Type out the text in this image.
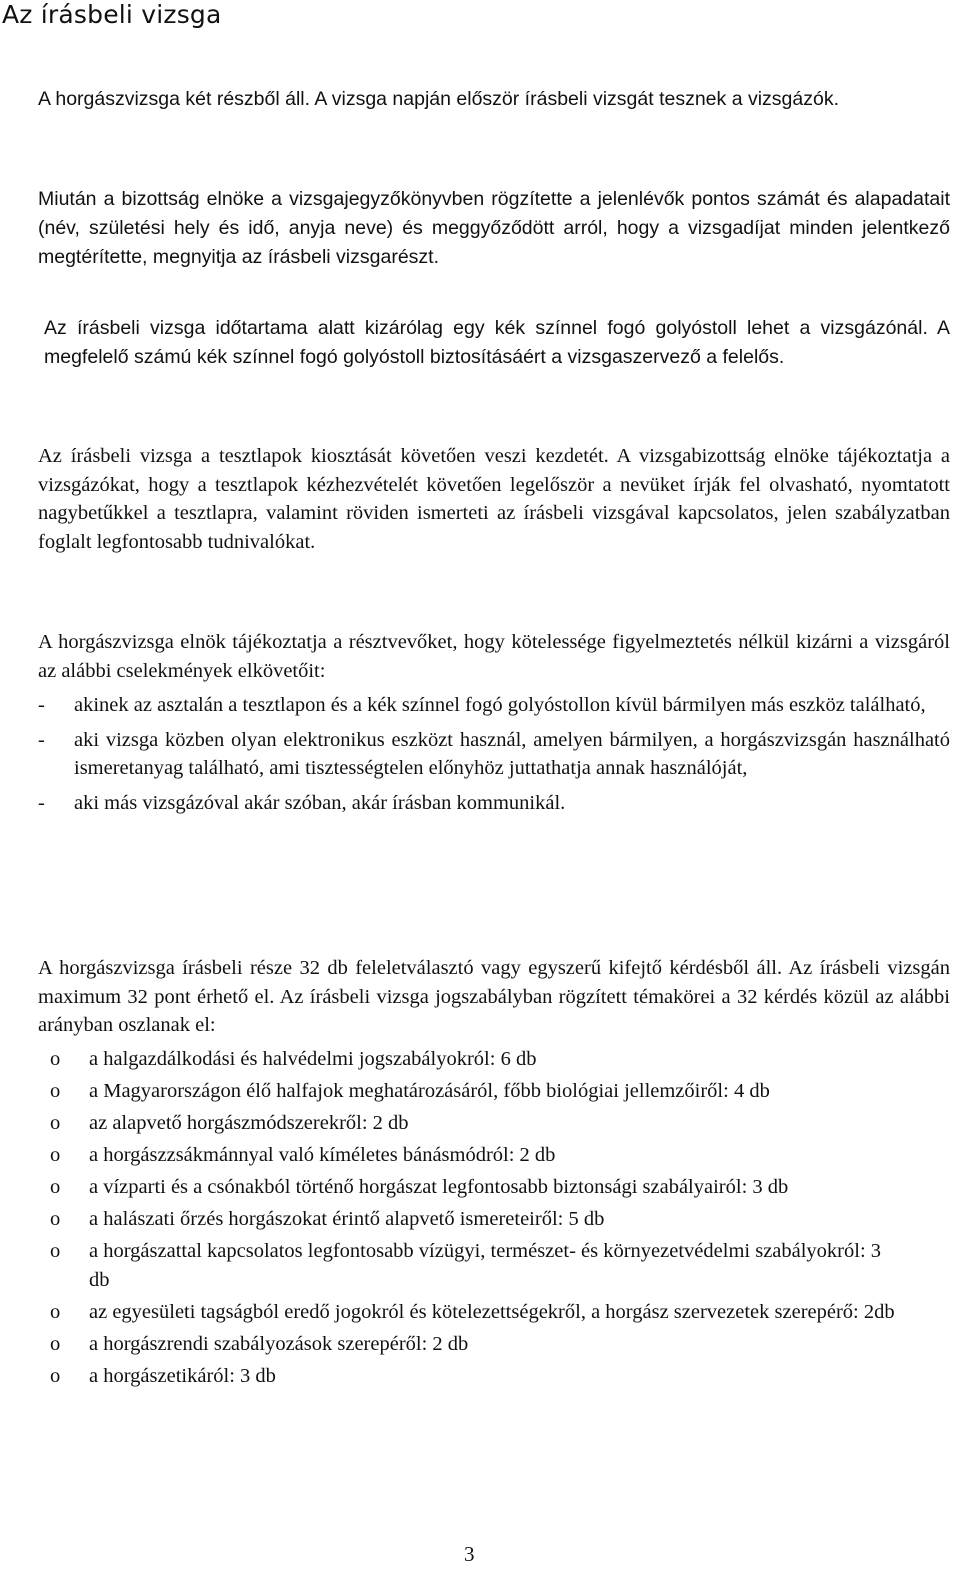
Az írásbeli vizsga

A horgászvizsga két részből áll. A vizsga napján először írásbeli vizsgát tesznek a vizsgázók.

Miután a bizottság elnöke a vizsgajegyzőkönyvben rögzítette a jelenlévők pontos számát és alapadatait (név, születési hely és idő, anyja neve) és meggyőződött arról, hogy a vizsgadíjat minden jelentkező megtérítette, megnyitja az írásbeli vizsgarészt.

Az írásbeli vizsga időtartama alatt kizárólag egy kék színnel fogó golyóstoll lehet a vizsgázónál. A megfelelő számú kék színnel fogó golyóstoll biztosításáért a vizsgaszervező a felelős.

Az írásbeli vizsga a tesztlapok kiosztását követően veszi kezdetét. A vizsgabizottság elnöke tájékoztatja a vizsgázókat, hogy a tesztlapok kézhezvételét követően legelőször a nevüket írják fel olvasható, nyomtatott nagybetűkkel a tesztlapra, valamint röviden ismerteti az írásbeli vizsgával kapcsolatos, jelen szabályzatban foglalt legfontosabb tudnivalókat.

A horgászvizsga elnök tájékoztatja a résztvevőket, hogy kötelessége figyelmeztetés nélkül kizárni a vizsgáról az alábbi cselekmények elkövetőit:

- akinek az asztalán a tesztlapon és a kék színnel fogó golyóstollon kívül bármilyen más eszköz található,
- aki vizsga közben olyan elektronikus eszközt használ, amelyen bármilyen, a horgászvizsgán használható ismeretanyag található, ami tisztességtelen előnyhöz juttathatja annak használóját,
- aki más vizsgázóval akár szóban, akár írásban kommunikál.

A horgászvizsga írásbeli része 32 db feleletválasztó vagy egyszerű kifejtő kérdésből áll. Az írásbeli vizsgán maximum 32 pont érhető el. Az írásbeli vizsga jogszabályban rögzített témakörei a 32 kérdés közül az alábbi arányban oszlanak el:

o a halgazdálkodási és halvédelmi jogszabályokról: 6 db
o a Magyarországon élő halfajok meghatározásáról, főbb biológiai jellemzőiről: 4 db
o az alapvető horgászmódszerekről: 2 db
o a horgászzsákmánnyal való kíméletes bánásmódról: 2 db
o a vízparti és a csónakból történő horgászat legfontosabb biztonsági szabályairól: 3 db
o a halászati őrzés horgászokat érintő alapvető ismereteiről: 5 db
o a horgászattal kapcsolatos legfontosabb vízügyi, természet- és környezetvédelmi szabályokról: 3 db
o az egyesületi tagságból eredő jogokról és kötelezettségekről, a horgász szervezetek szerepérő: 2db
o a horgászrendi szabályozások szerepéről: 2 db
o a horgászetikáról: 3 db
3
